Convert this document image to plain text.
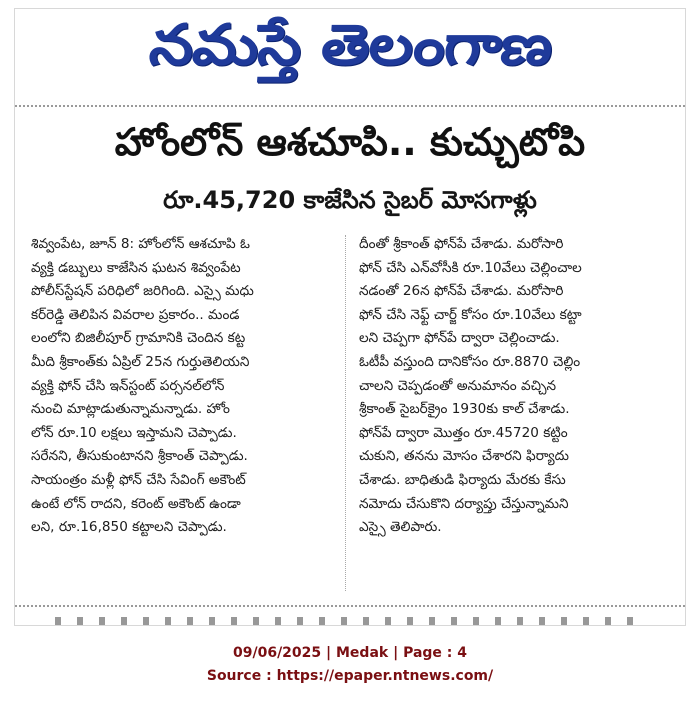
నమస్తే తెలంగాణ
హోంలోన్ ఆశచూపి.. కుచ్చుటోపి
రూ.45,720 కాజేసిన సైబర్ మోసగాళ్లు
శివ్వంపేట, జూన్ 8: హోంలోన్ ఆశచూపి ఓ
వ్యక్తి డబ్బులు కాజేసిన ఘటన శివ్వంపేట
పోలీస్‌స్టేషన్ పరిధిలో జరిగింది. ఎస్సై మధు
కర్‌రెడ్డి తెలిపిన వివరాల ప్రకారం.. మండ
లంలోని బిజిలీపూర్ గ్రామానికి చెందిన కట్ట
మీది శ్రీకాంత్‌కు ఏప్రిల్ 25న గుర్తుతెలియని
వ్యక్తి ఫోన్ చేసి ఇన్‌స్టంట్ పర్సనల్‌లోన్
నుంచి మాట్లాడుతున్నామన్నాడు. హోం
లోన్ రూ.10 లక్షలు ఇస్తామని చెప్పాడు.
సరేనని, తీసుకుంటానని శ్రీకాంత్ చెప్పాడు.
సాయంత్రం మళ్లీ ఫోన్ చేసి సేవింగ్ అకౌంట్
ఉంటే లోన్ రాదని, కరెంట్ అకౌంట్ ఉండా
లని, రూ.16,850 కట్టాలని చెప్పాడు.
దీంతో శ్రీకాంత్ ఫోన్‌పే చేశాడు. మరోసారి
ఫోన్ చేసి ఎన్‌వోసీకి రూ.10వేలు చెల్లించాల
నడంతో 26న ఫోన్‌పే చేశాడు. మరోసారి
ఫోన్ చేసి నెఫ్ట్ చార్జ్ కోసం రూ.10వేలు కట్టా
లని చెప్పగా ఫోన్‌పే ద్వారా చెల్లించాడు.
ఓటీపీ వస్తుంది దానికోసం రూ.8870 చెల్లిం
చాలని చెప్పడంతో అనుమానం వచ్చిన
శ్రీకాంత్ సైబర్‌క్రైం 1930కు కాల్ చేశాడు.
ఫోన్‌పే ద్వారా మొత్తం రూ.45720 కట్టిం
చుకుని, తనను మోసం చేశారని ఫిర్యాదు
చేశాడు. బాధితుడి ఫిర్యాదు మేరకు కేసు
నమోదు చేసుకొని దర్యాప్తు చేస్తున్నామని
ఎస్సై తెలిపారు.
09/06/2025 | Medak | Page : 4
Source : https://epaper.ntnews.com/
